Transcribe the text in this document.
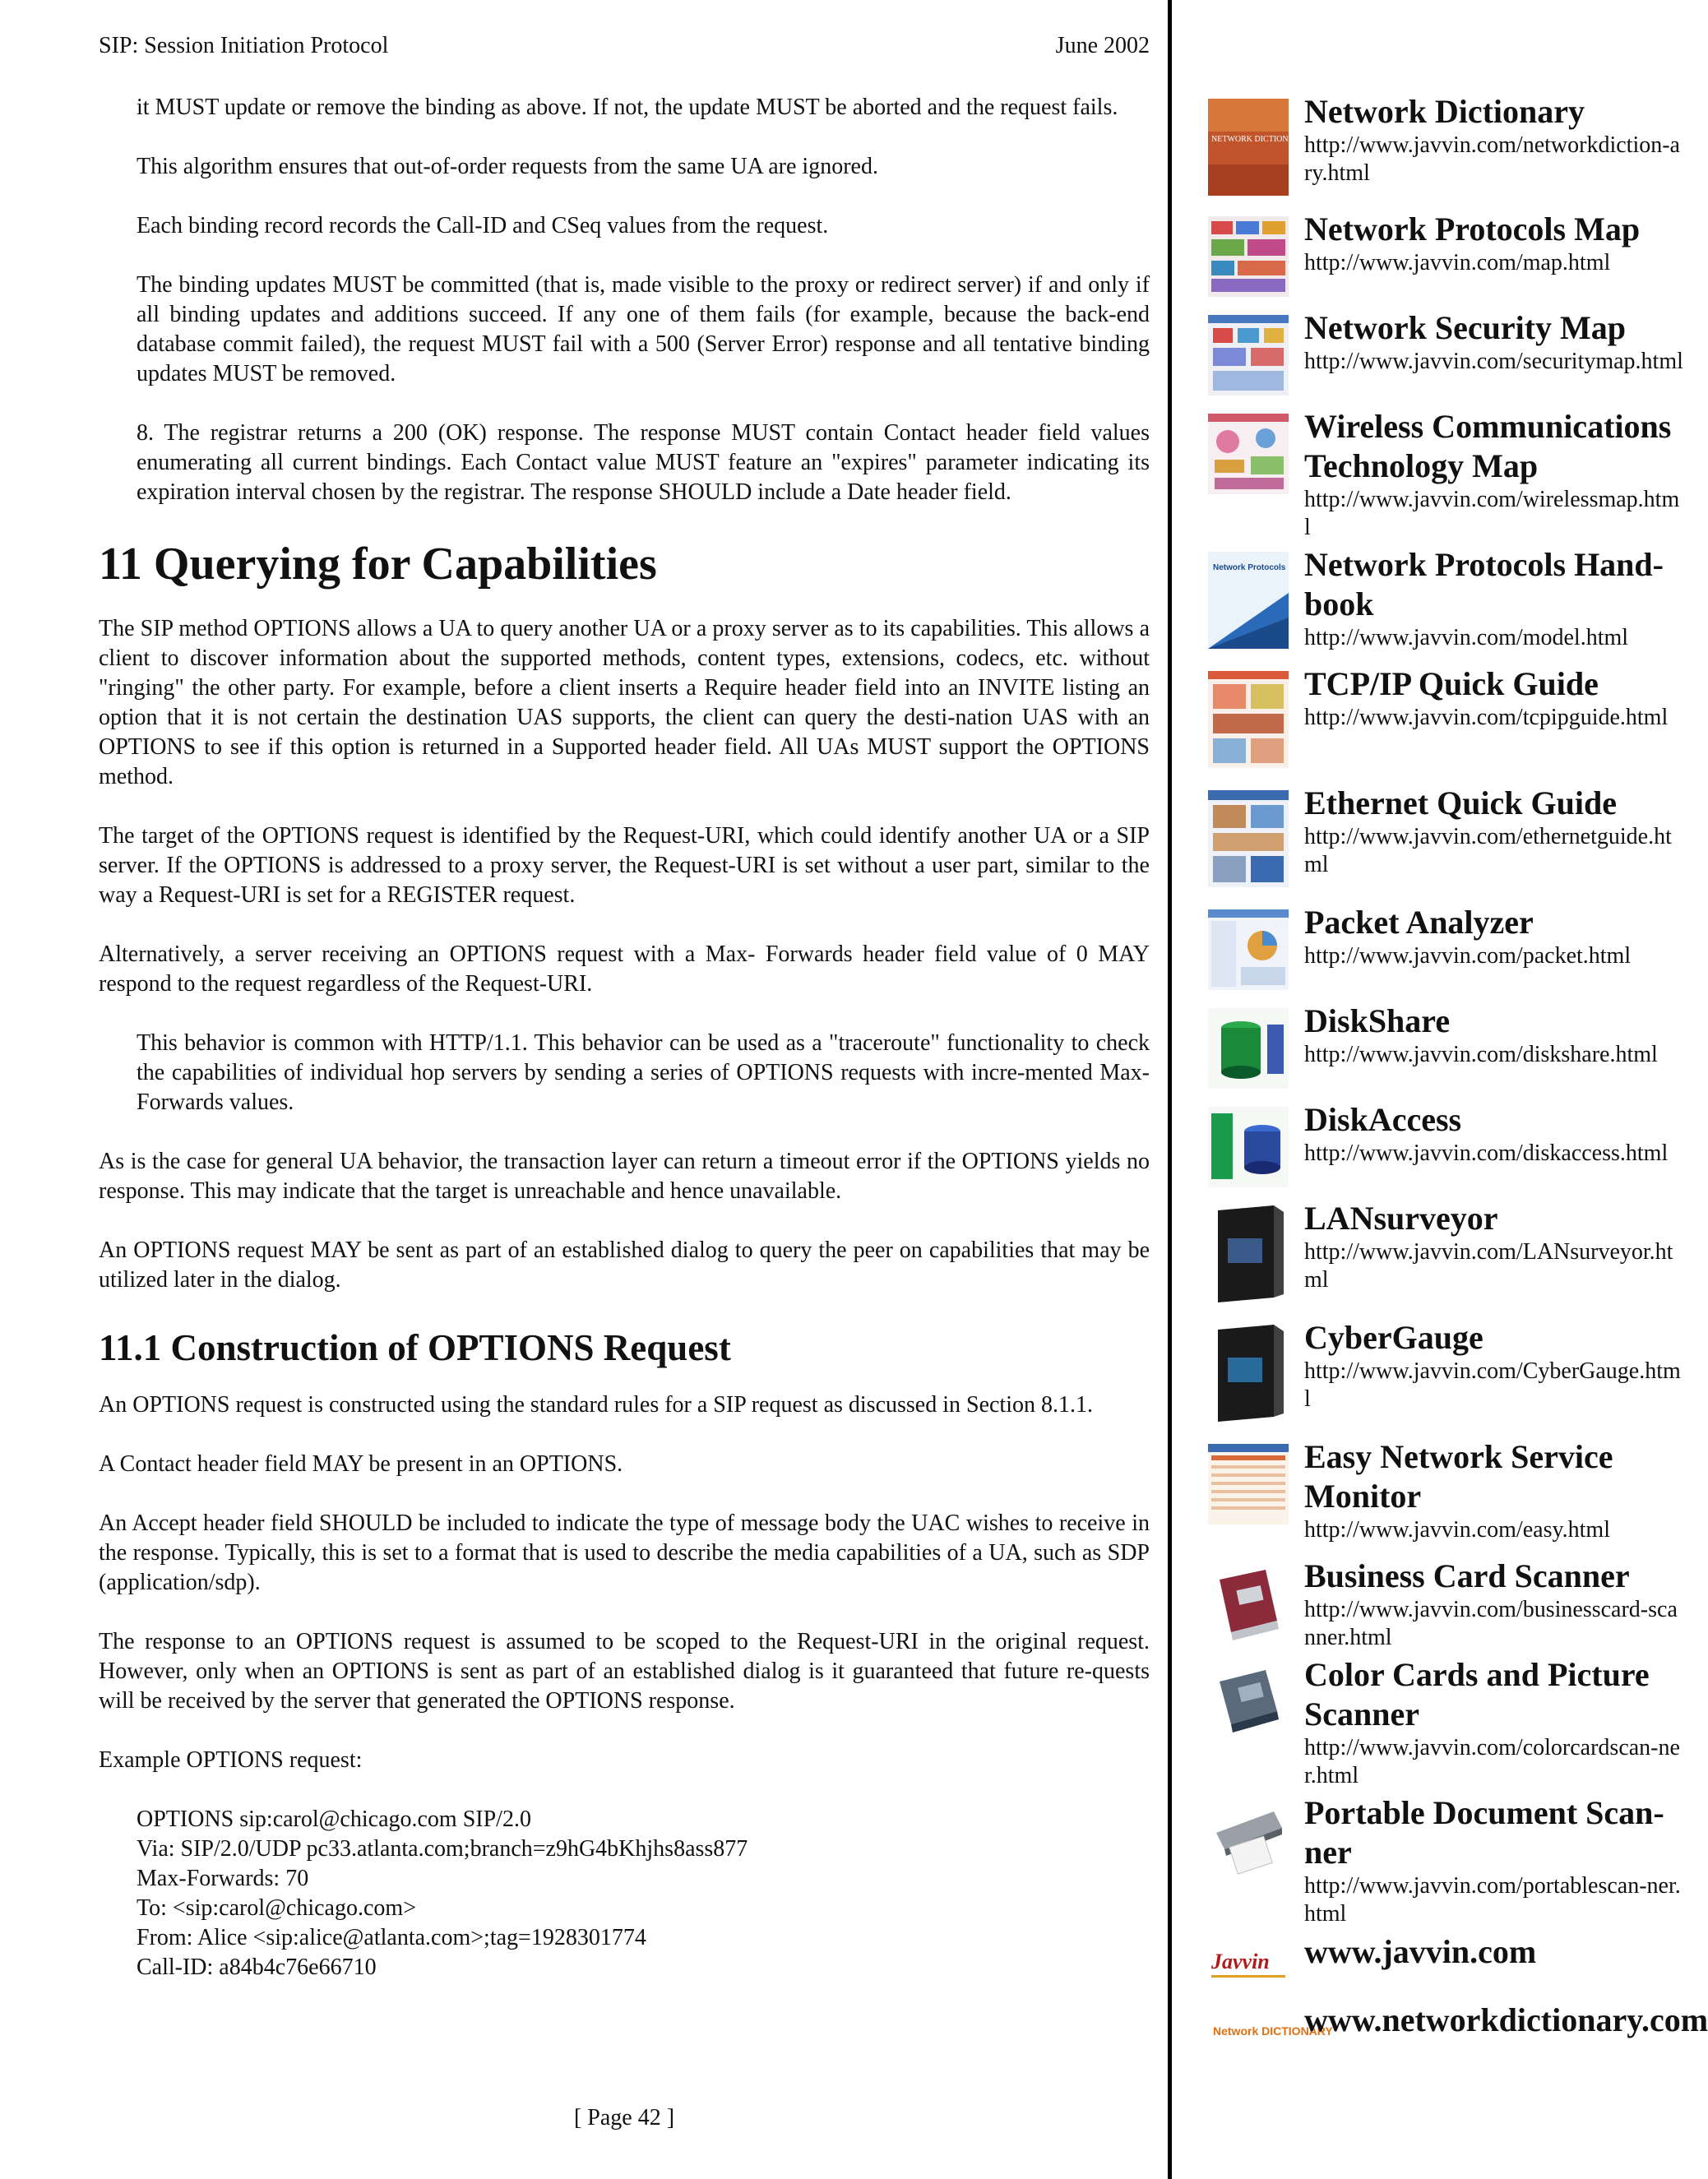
SIP: Session Initiation Protocol	June 2002

it MUST update or remove the binding as above. If not, the update MUST be aborted and the request fails.

This algorithm ensures that out-of-order requests from the same UA are ignored.

Each binding record records the Call-ID and CSeq values from the request.

The binding updates MUST be committed (that is, made visible to the proxy or redirect server) if and only if all binding updates and additions succeed. If any one of them fails (for example, because the back-end database commit failed), the request MUST fail with a 500 (Server Error) response and all tentative binding updates MUST be removed.

8. The registrar returns a 200 (OK) response. The response MUST contain Contact header field values enumerating all current bindings. Each Contact value MUST feature an "expires" parameter indicating its expiration interval chosen by the registrar. The response SHOULD include a Date header field.

11 Querying for Capabilities

The SIP method OPTIONS allows a UA to query another UA or a proxy server as to its capabilities. This allows a client to discover information about the supported methods, content types, extensions, codecs, etc. without "ringing" the other party. For example, before a client inserts a Require header field into an INVITE listing an option that it is not certain the destination UAS supports, the client can query the desti-nation UAS with an OPTIONS to see if this option is returned in a Supported header field. All UAs MUST support the OPTIONS method.

The target of the OPTIONS request is identified by the Request-URI, which could identify another UA or a SIP server. If the OPTIONS is addressed to a proxy server, the Request-URI is set without a user part, similar to the way a Request-URI is set for a REGISTER request.

Alternatively, a server receiving an OPTIONS request with a Max- Forwards header field value of 0 MAY respond to the request regardless of the Request-URI.

This behavior is common with HTTP/1.1. This behavior can be used as a "traceroute" functionality to check the capabilities of individual hop servers by sending a series of OPTIONS requests with incre-mented Max-Forwards values.

As is the case for general UA behavior, the transaction layer can return a timeout error if the OPTIONS yields no response. This may indicate that the target is unreachable and hence unavailable.

An OPTIONS request MAY be sent as part of an established dialog to query the peer on capabilities that may be utilized later in the dialog.

11.1 Construction of OPTIONS Request

An OPTIONS request is constructed using the standard rules for a SIP request as discussed in Section 8.1.1.

A Contact header field MAY be present in an OPTIONS.

An Accept header field SHOULD be included to indicate the type of message body the UAC wishes to receive in the response. Typically, this is set to a format that is used to describe the media capabilities of a UA, such as SDP (application/sdp).

The response to an OPTIONS request is assumed to be scoped to the Request-URI in the original request. However, only when an OPTIONS is sent as part of an established dialog is it guaranteed that future re-quests will be received by the server that generated the OPTIONS response.

Example OPTIONS request:

OPTIONS sip:carol@chicago.com SIP/2.0
Via: SIP/2.0/UDP pc33.atlanta.com;branch=z9hG4bKhjhs8ass877
Max-Forwards: 70
To: <sip:carol@chicago.com>
From: Alice <sip:alice@atlanta.com>;tag=1928301774
Call-ID: a84b4c76e66710
[ Page 42 ]
NETWORK DICTIONARY
Network Dictionary
http://www.javvin.com/networkdiction-ary.html
Network Protocols Map
http://www.javvin.com/map.html
Network Security Map
http://www.javvin.com/securitymap.html
Wireless Communications Technology Map
http://www.javvin.com/wirelessmap.html
Network Protocols Network Protocols Hand-book
http://www.javvin.com/model.html
TCP/IP Quick Guide
http://www.javvin.com/tcpipguide.html
Ethernet Quick Guide
http://www.javvin.com/ethernetguide.html
Packet Analyzer
http://www.javvin.com/packet.html
DiskShare
http://www.javvin.com/diskshare.html
DiskAccess
http://www.javvin.com/diskaccess.html
LANsurveyor
http://www.javvin.com/LANsurveyor.html
CyberGauge
http://www.javvin.com/CyberGauge.html
Easy Network Service Monitor
http://www.javvin.com/easy.html
Business Card Scanner
http://www.javvin.com/businesscard-scanner.html
Color Cards and Picture Scanner
http://www.javvin.com/colorcardscan-ner.html
Portable Document Scan-ner
http://www.javvin.com/portablescan-ner.html
Javvin www.javvin.com
Network DICTIONARY
www.networkdictionary.com
